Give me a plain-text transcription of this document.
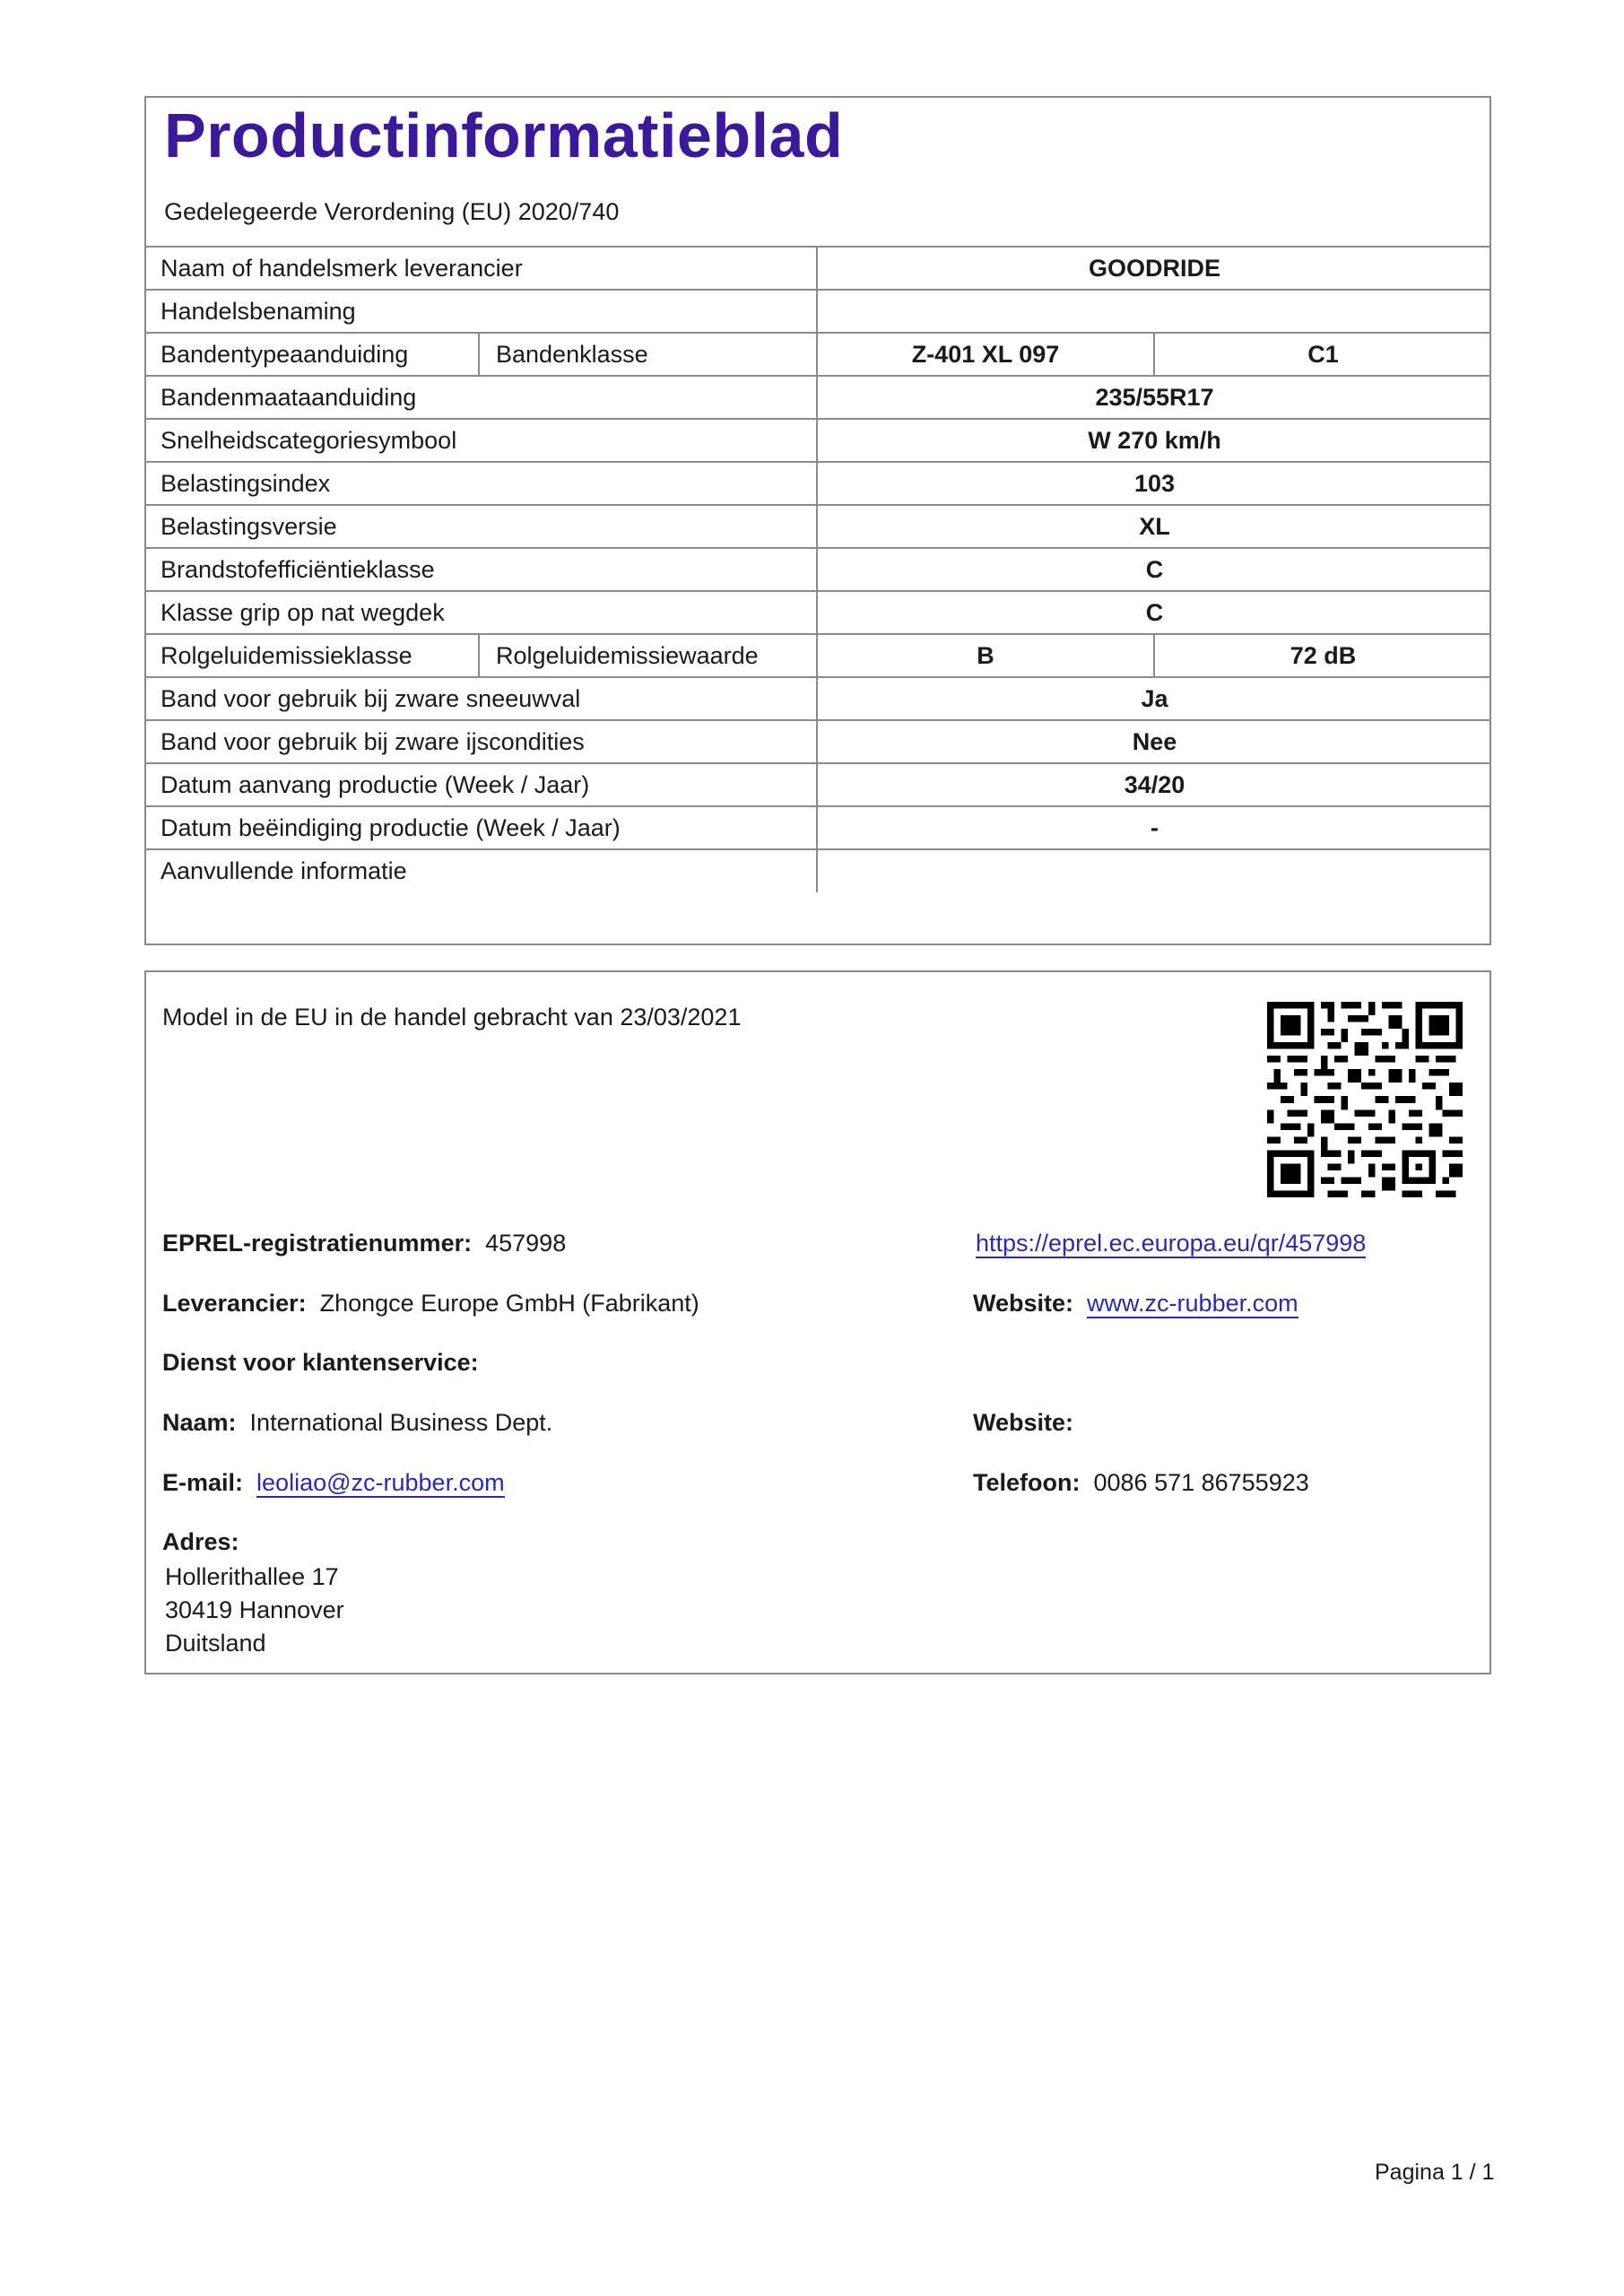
Productinformatieblad
Gedelegeerde Verordening (EU) 2020/740
Naam of handelsmerk leverancier		GOODRIDE	
Handelsbenaming			
Bandentypeaanduiding	Bandenklasse	Z-401 XL 097	C1
Bandenmaataanduiding		235/55R17	
Snelheidscategoriesymbool		W 270 km/h	
Belastingsindex		103	
Belastingsversie		XL	
Brandstofefficiëntieklasse		C	
Klasse grip op nat wegdek		C	
Rolgeluidemissieklasse	Rolgeluidemissiewaarde	B	72 dB
Band voor gebruik bij zware sneeuwval		Ja	
Band voor gebruik bij zware ijscondities		Nee	
Datum aanvang productie (Week / Jaar)		34/20	
Datum beëindiging productie (Week / Jaar)		-	
Aanvullende informatie			
Model in de EU in de handel gebracht van 23/03/2021
EPREL-registratienummer: 457998	https://eprel.ec.europa.eu/qr/457998
Leverancier: Zhongce Europe GmbH (Fabrikant)	Website: www.zc-rubber.com
Dienst voor klantenservice:
Naam: International Business Dept.	Website:
E-mail: leoliao@zc-rubber.com	Telefoon: 0086 571 86755923
Adres:
Hollerithallee 17
30419 Hannover
Duitsland
Pagina 1 / 1
